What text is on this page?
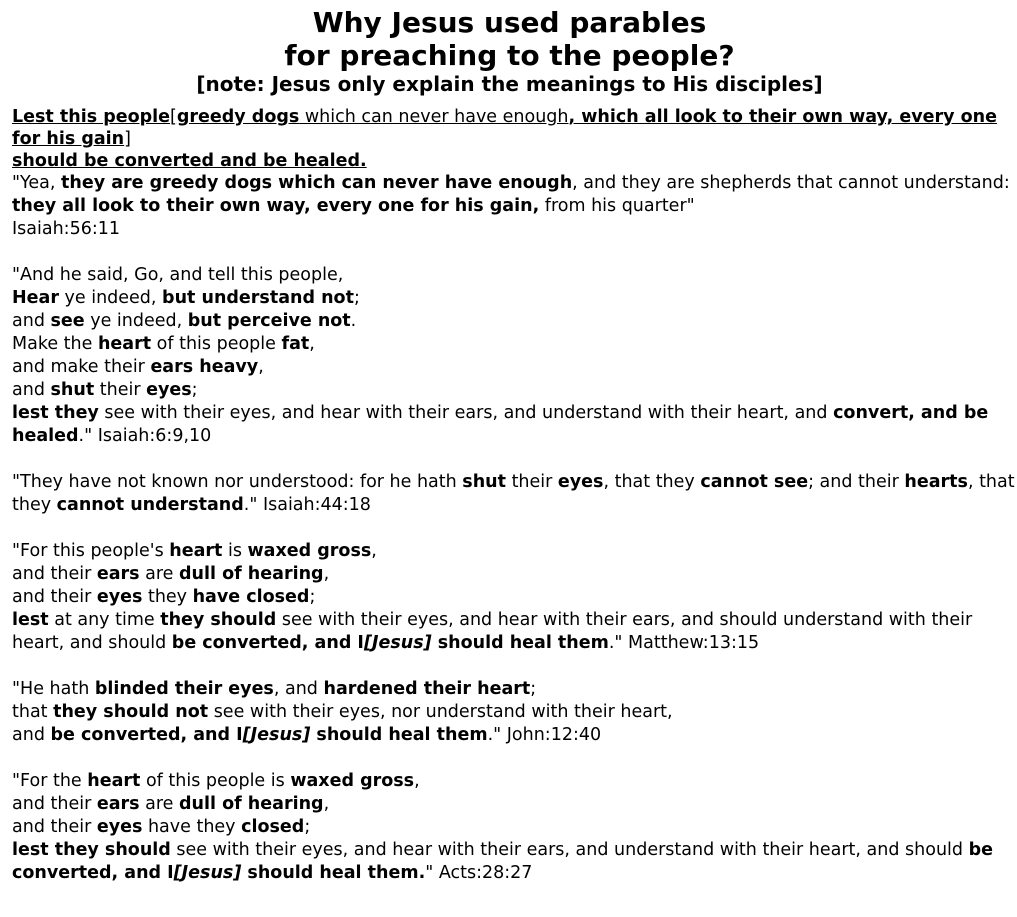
Why Jesus used parables
for preaching to the people?
[note: Jesus only explain the meanings to His disciples]
Lest this people[greedy dogs which can never have enough, which all look to their own way, every one for his gain]
should be converted and be healed.
"Yea, they are greedy dogs which can never have enough, and they are shepherds that cannot understand: they all look to their own way, every one for his gain, from his quarter"
Isaiah:56:11
"And he said, Go, and tell this people,
Hear ye indeed, but understand not;
and see ye indeed, but perceive not.
Make the heart of this people fat,
and make their ears heavy,
and shut their eyes;
lest they see with their eyes, and hear with their ears, and understand with their heart, and convert, and be healed." Isaiah:6:9,10
"They have not known nor understood: for he hath shut their eyes, that they cannot see; and their hearts, that they cannot understand." Isaiah:44:18
"For this people's heart is waxed gross,
and their ears are dull of hearing,
and their eyes they have closed;
lest at any time they should see with their eyes, and hear with their ears, and should understand with their heart, and should be converted, and I[Jesus] should heal them." Matthew:13:15
"He hath blinded their eyes, and hardened their heart;
that they should not see with their eyes, nor understand with their heart,
and be converted, and I[Jesus] should heal them." John:12:40
"For the heart of this people is waxed gross,
and their ears are dull of hearing,
and their eyes have they closed;
lest they should see with their eyes, and hear with their ears, and understand with their heart, and should be converted, and I[Jesus] should heal them." Acts:28:27
